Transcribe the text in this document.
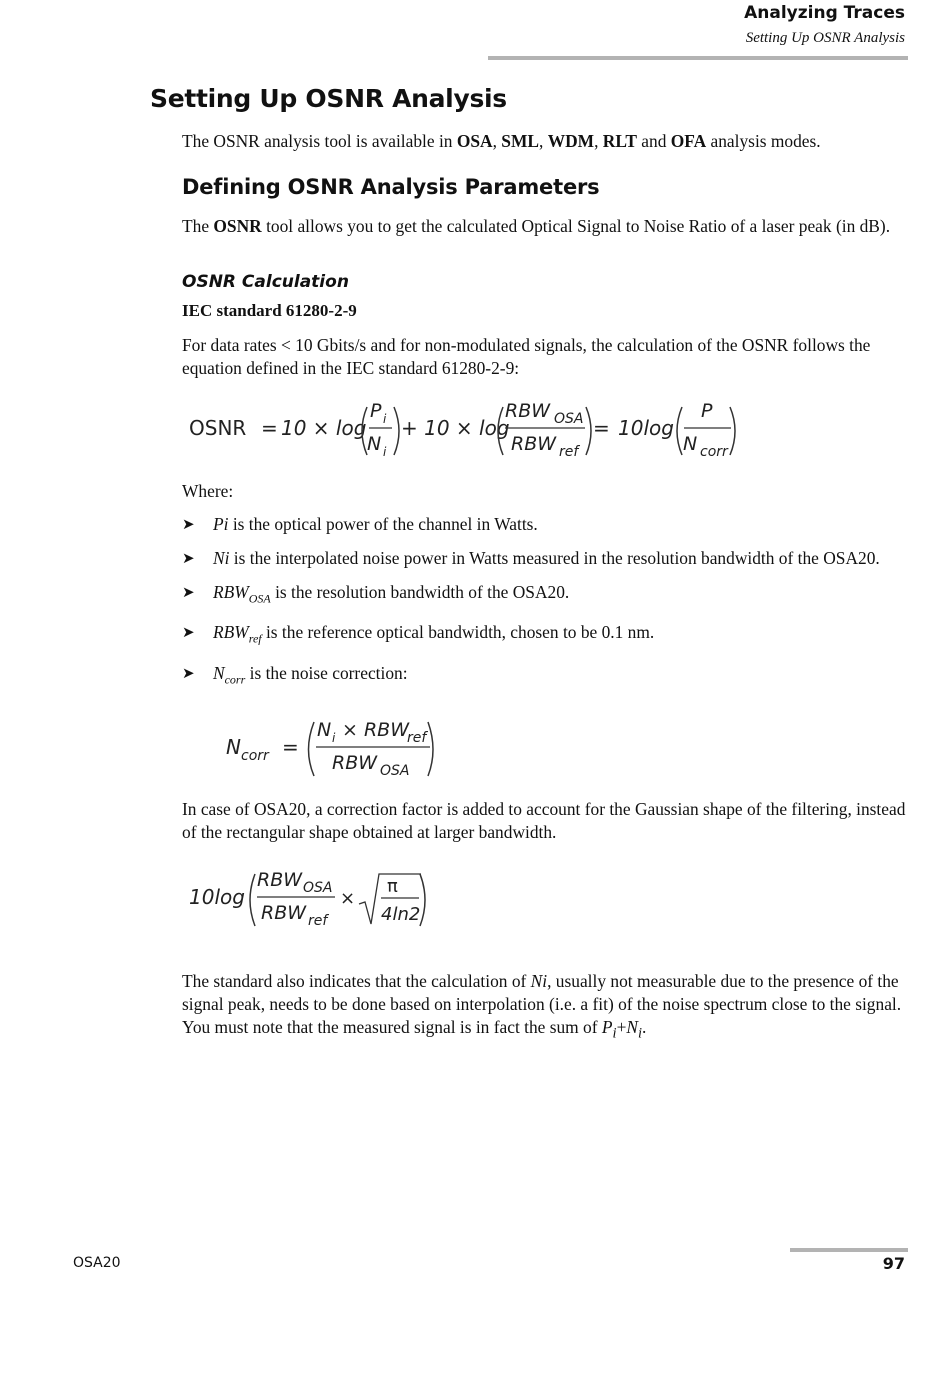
Analyzing Traces
Setting Up OSNR Analysis
Setting Up OSNR Analysis

The OSNR analysis tool is available in OSA, SML, WDM, RLT and OFA analysis modes.

Defining OSNR Analysis Parameters

The OSNR tool allows you to get the calculated Optical Signal to Noise Ratio of a laser peak (in dB).

OSNR Calculation
IEC standard 61280-2-9

For data rates < 10 Gbits/s and for non-modulated signals, the calculation of the OSNR follows the equation defined in the IEC standard 61280-2-9:

OSNR = 10 × log
P i
N i
+ 10 × log
RBW OSA
RBW ref
= 10log
P
N corr

Where:

➤ Pi is the optical power of the channel in Watts.
➤ Ni is the interpolated noise power in Watts measured in the resolution bandwidth of the OSA20.
➤ $RBW_{OSA}$ is the resolution bandwidth of the OSA20.
➤ $RBW_{ref}$ is the reference optical bandwidth, chosen to be 0.1 nm.
➤ $N_{corr}$ is the noise correction:
N corr =
N i × RBW
ref
RBW OSA

In case of OSA20, a correction factor is added to account for the Gaussian shape of the filtering, instead of the rectangular shape obtained at larger bandwidth.

10log
RBW OSA
RBW ref
×
π
4ln2

The standard also indicates that the calculation of Ni, usually not measurable due to the presence of the signal peak, needs to be done based on interpolation (i.e. a fit) of the noise spectrum close to the signal. You must note that the measured signal is in fact the sum of $P_i+N_i$.

OSA20	97
